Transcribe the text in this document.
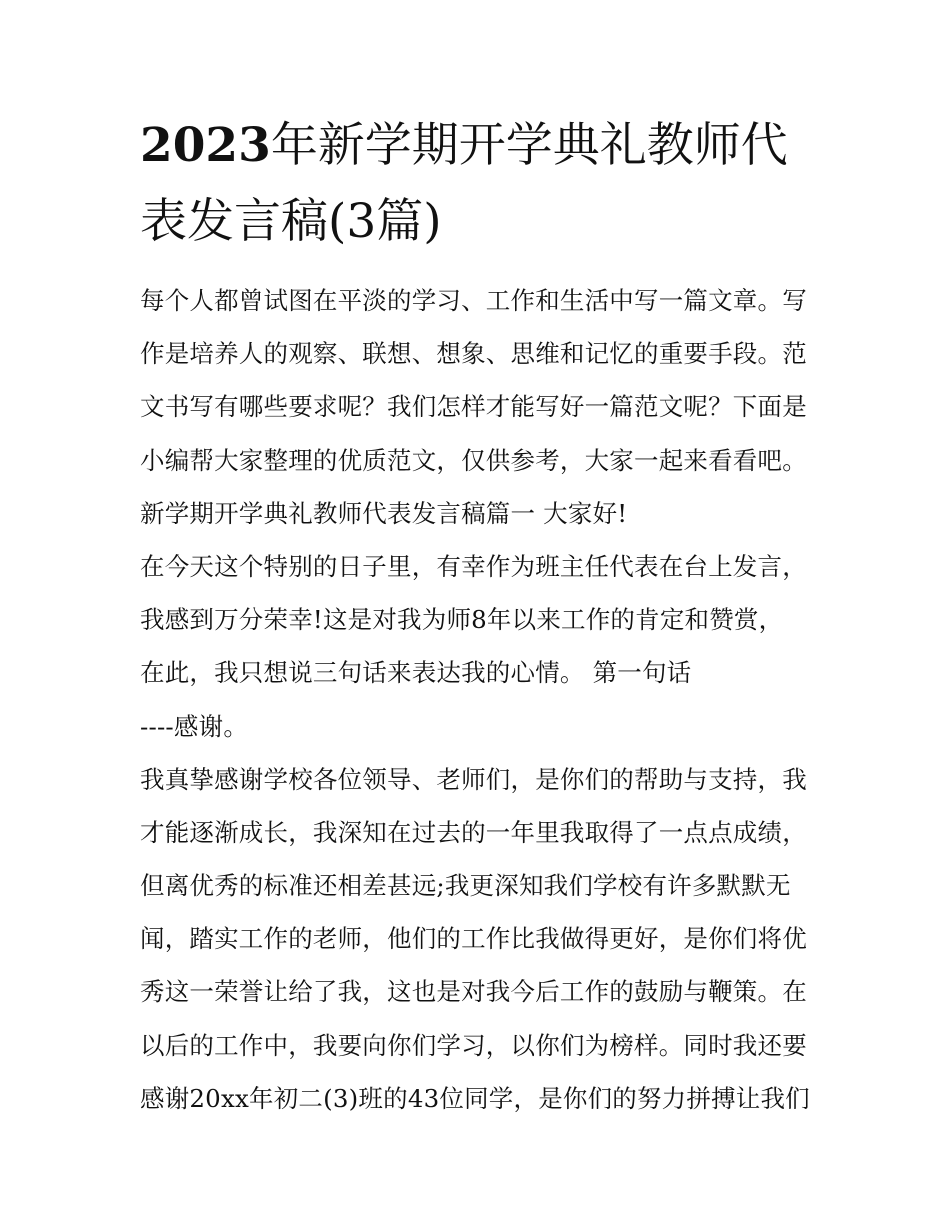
2023年新学期开学典礼教师代
表发言稿(3篇)
每个人都曾试图在平淡的学习、工作和生活中写一篇文章。写
作是培养人的观察、联想、想象、思维和记忆的重要手段。范
文书写有哪些要求呢？我们怎样才能写好一篇范文呢？下面是
小编帮大家整理的优质范文，仅供参考，大家一起来看看吧。
新学期开学典礼教师代表发言稿篇一 大家好!
在今天这个特别的日子里，有幸作为班主任代表在台上发言，
我感到万分荣幸!这是对我为师8年以来工作的肯定和赞赏，
在此，我只想说三句话来表达我的心情。 第一句话
----感谢。
我真挚感谢学校各位领导、老师们，是你们的帮助与支持，我
才能逐渐成长，我深知在过去的一年里我取得了一点点成绩，
但离优秀的标准还相差甚远;我更深知我们学校有许多默默无
闻，踏实工作的老师，他们的工作比我做得更好，是你们将优
秀这一荣誉让给了我，这也是对我今后工作的鼓励与鞭策。在
以后的工作中，我要向你们学习，以你们为榜样。同时我还要
感谢20xx年初二(3)班的43位同学，是你们的努力拼搏让我们
